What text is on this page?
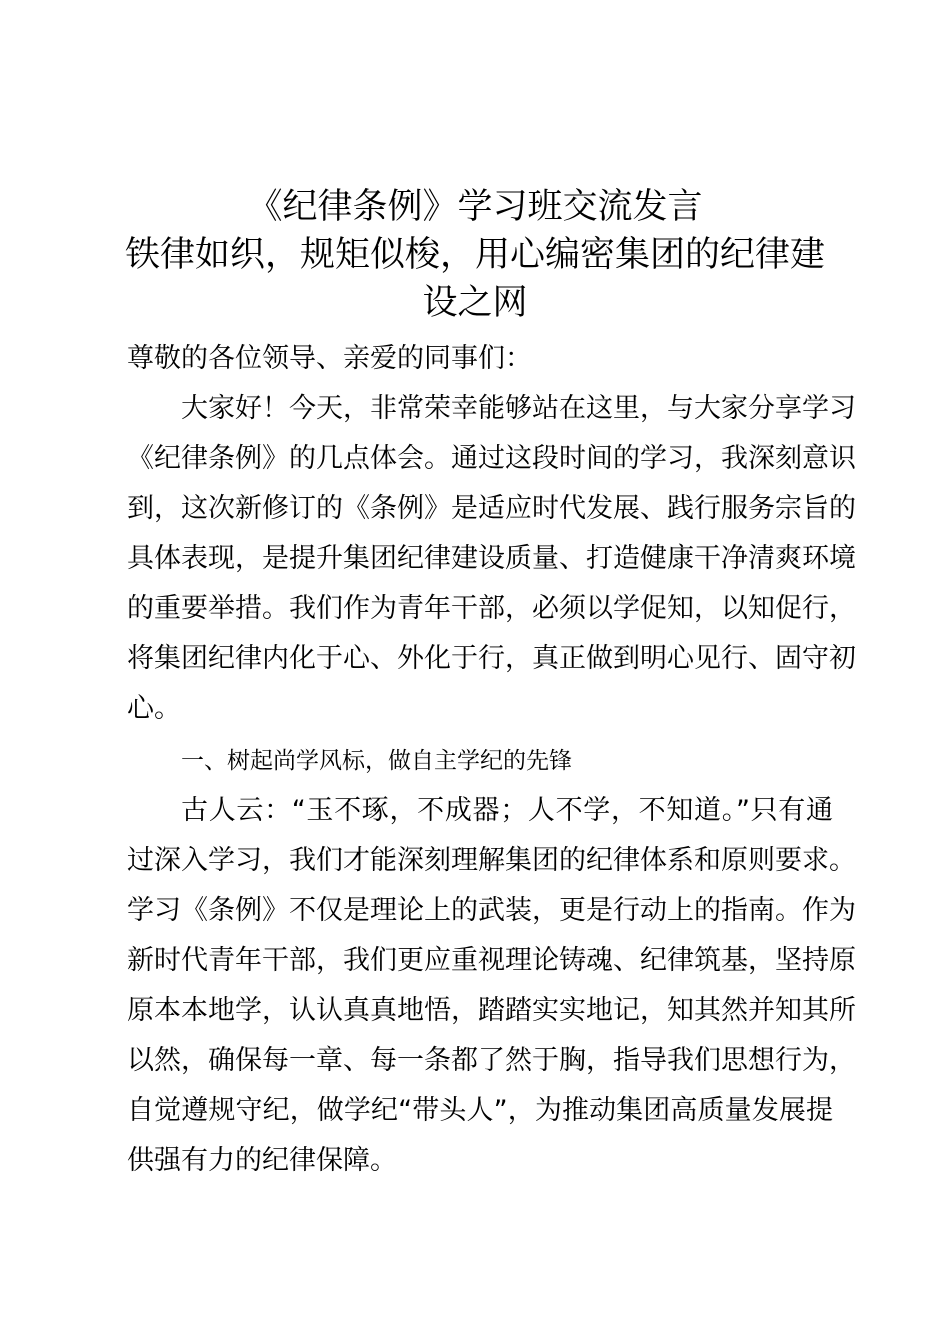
《纪律条例》学习班交流发言
铁律如织，规矩似梭，用心编密集团的纪律建
设之网
尊敬的各位领导、亲爱的同事们：
大家好！今天，非常荣幸能够站在这里，与大家分享学习
《纪律条例》的几点体会。通过这段时间的学习，我深刻意识
到，这次新修订的《条例》是适应时代发展、践行服务宗旨的
具体表现，是提升集团纪律建设质量、打造健康干净清爽环境
的重要举措。我们作为青年干部，必须以学促知，以知促行，
将集团纪律内化于心、外化于行，真正做到明心见行、固守初
心。
一、树起尚学风标，做自主学纪的先锋
古人云：“玉不琢，不成器；人不学，不知道。”只有通
过深入学习，我们才能深刻理解集团的纪律体系和原则要求。
学习《条例》不仅是理论上的武装，更是行动上的指南。作为
新时代青年干部，我们更应重视理论铸魂、纪律筑基，坚持原
原本本地学，认认真真地悟，踏踏实实地记，知其然并知其所
以然，确保每一章、每一条都了然于胸，指导我们思想行为，
自觉遵规守纪，做学纪“带头人”，为推动集团高质量发展提
供强有力的纪律保障。
